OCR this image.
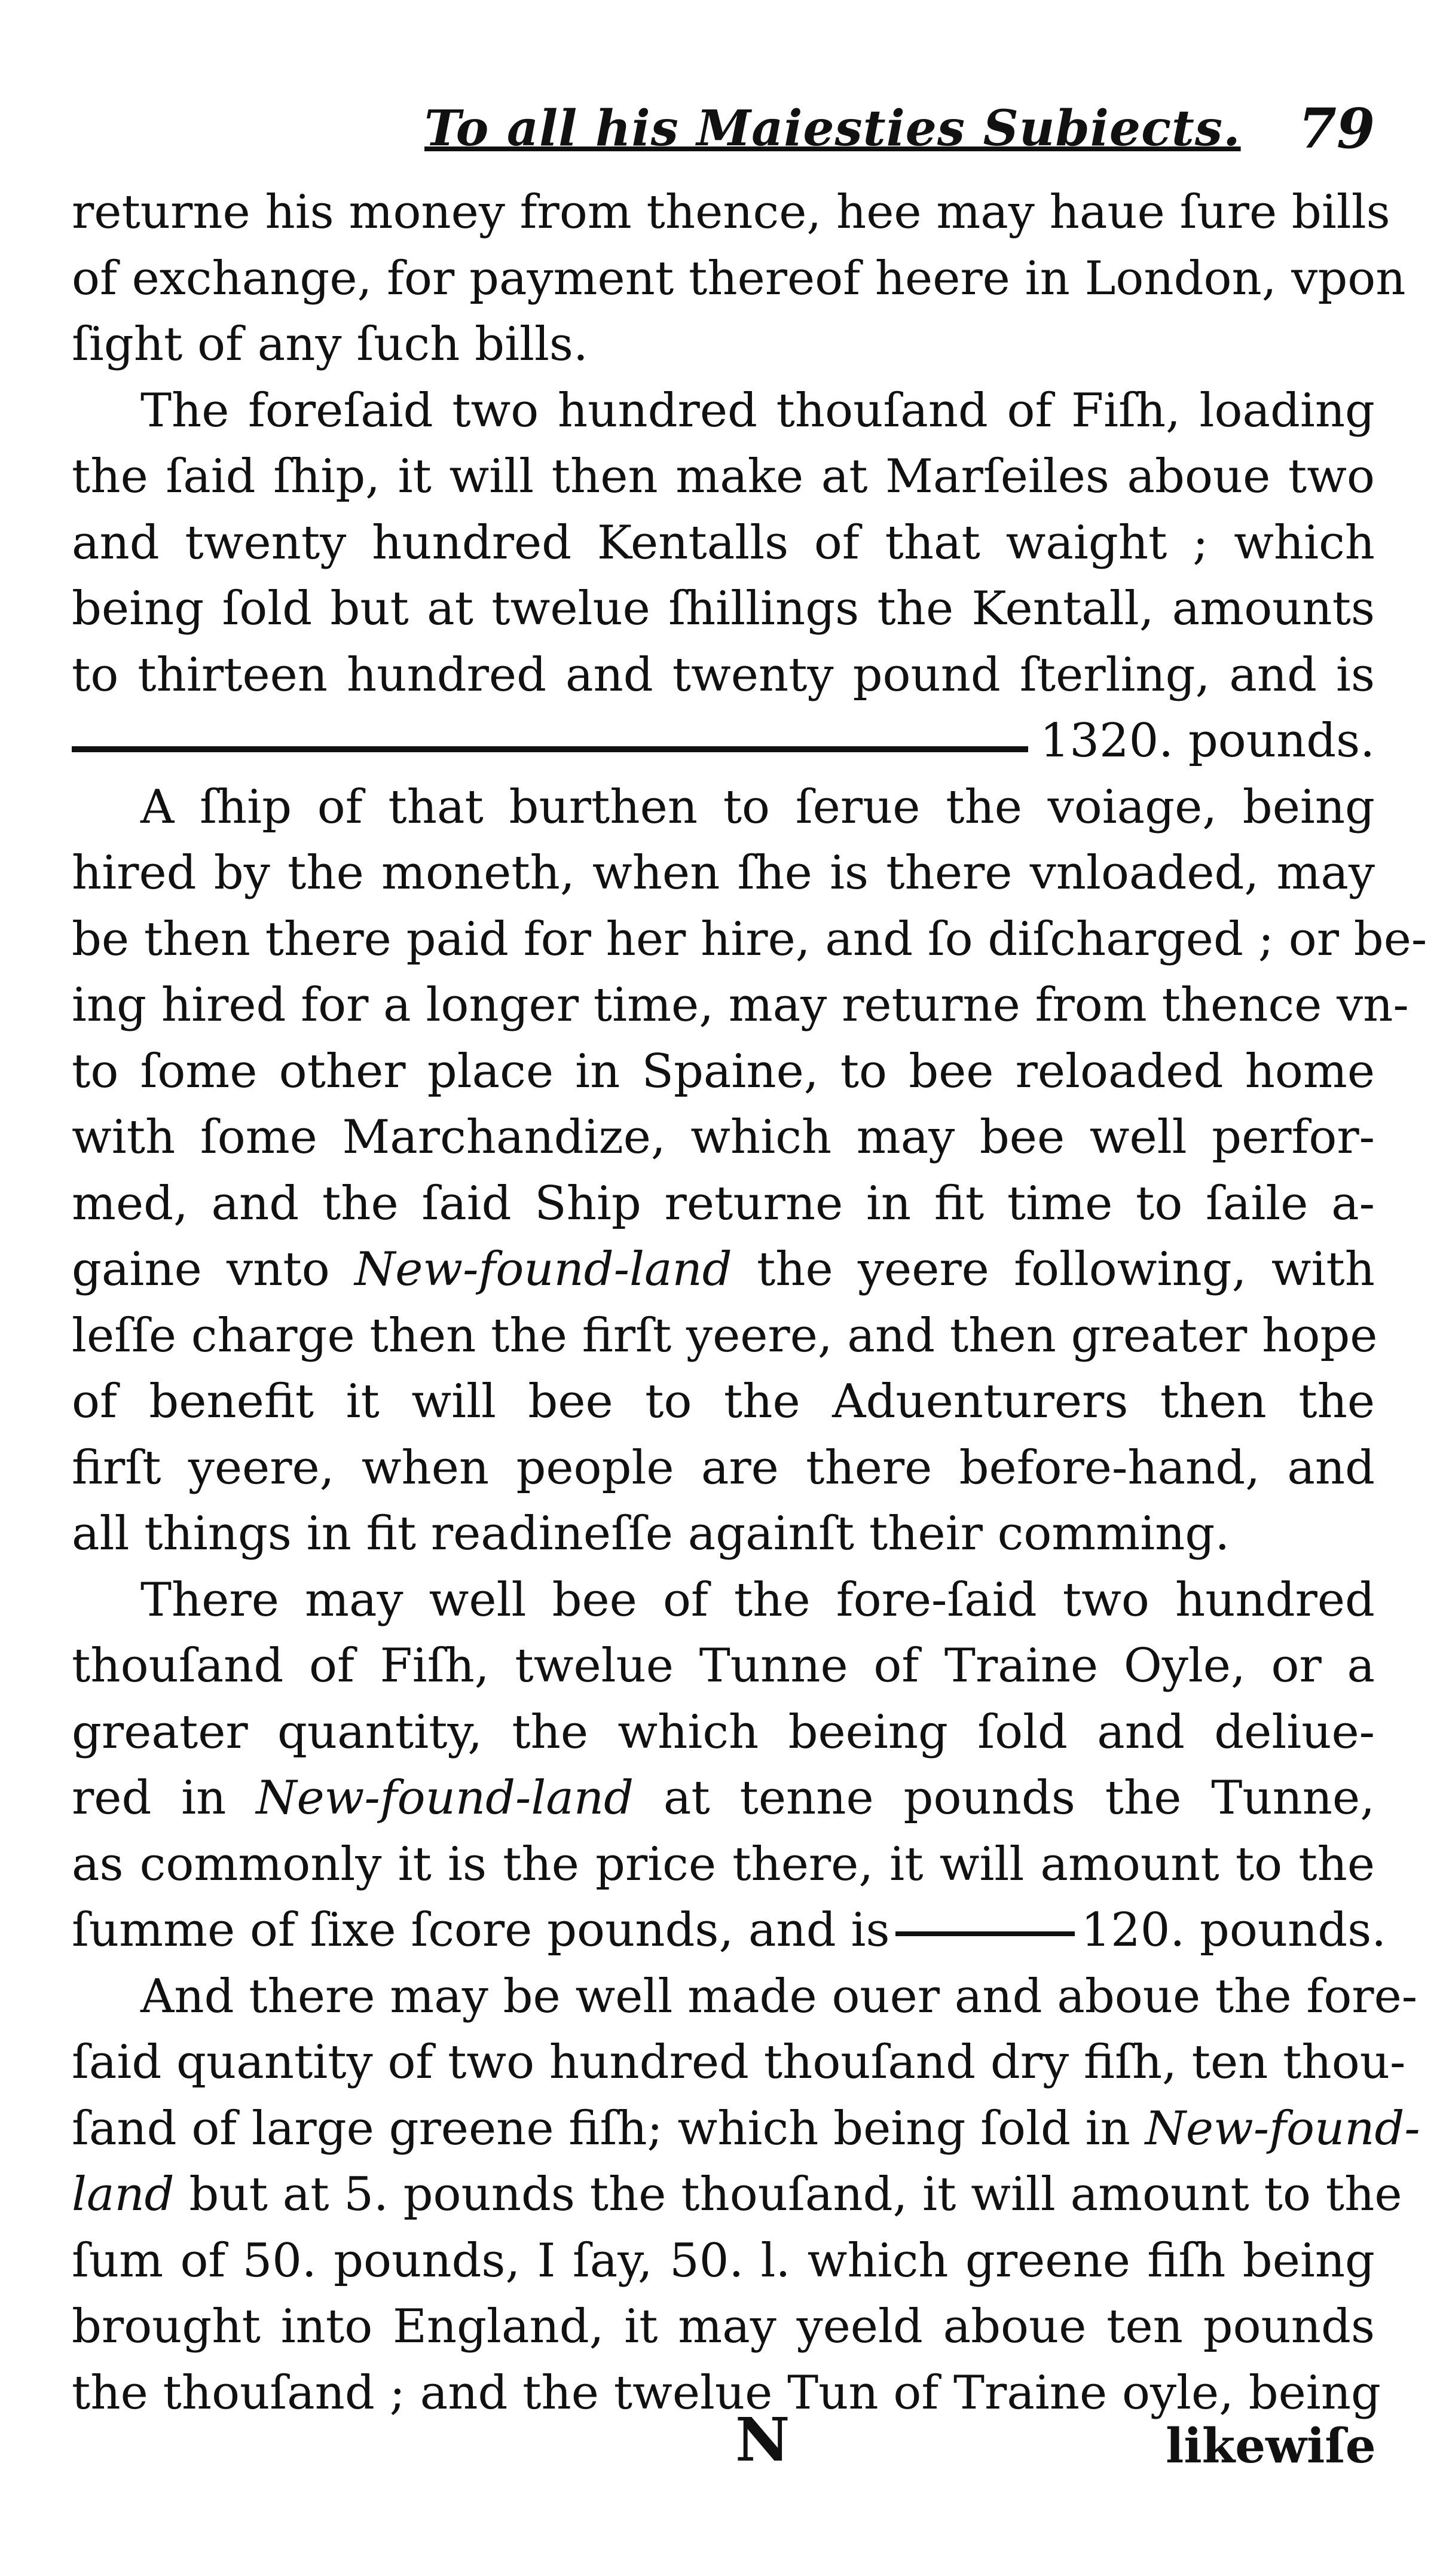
To all his Maiesties Subiects. 79
returne his money from thence, hee may haue ſure bills
of exchange, for payment thereof heere in London, vpon
ſight of any ſuch bills.
The foreſaid two hundred thouſand of Fiſh, loading
the ſaid ſhip, it will then make at Marſeiles aboue two
and twenty hundred Kentalls of that waight ; which
being ſold but at twelue ſhillings the Kentall, amounts
to thirteen hundred and twenty pound ſterling, and is
1320. pounds.
A ſhip of that burthen to ſerue the voiage, being
hired by the moneth, when ſhe is there vnloaded, may
be then there paid for her hire, and ſo diſcharged ; or be-
ing hired for a longer time, may returne from thence vn-
to ſome other place in Spaine, to bee reloaded home
with ſome Marchandize, which may bee well perfor-
med, and the ſaid Ship returne in fit time to ſaile a-
gaine vnto New-found-land the yeere following, with
leſſe charge then the firſt yeere, and then greater hope
of benefit it will bee to the Aduenturers then the
firſt yeere, when people are there before-hand, and
all things in fit readineſſe againſt their comming.
There may well bee of the fore-ſaid two hundred
thouſand of Fiſh, twelue Tunne of Traine Oyle, or a
greater quantity, the which beeing ſold and deliue-
red in New-found-land at tenne pounds the Tunne,
as commonly it is the price there, it will amount to the
ſumme of ſixe ſcore pounds, and is	120. pounds.
And there may be well made ouer and aboue the fore-
ſaid quantity of two hundred thouſand dry fiſh, ten thou-
ſand of large greene fiſh; which being ſold in New-found-
land but at 5. pounds the thouſand, it will amount to the
ſum of 50. pounds, I ſay, 50. l. which greene fiſh being
brought into England, it may yeeld aboue ten pounds
the thouſand ; and the twelue Tun of Traine oyle, being
N	likewiſe
